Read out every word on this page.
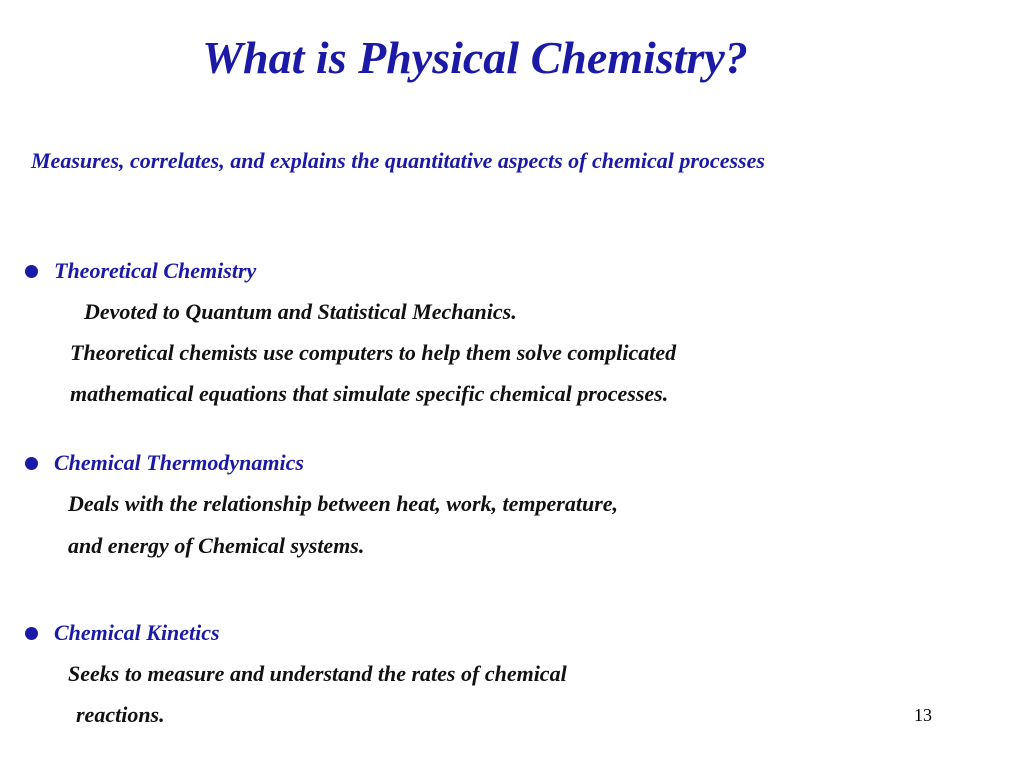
What is Physical Chemistry?

Measures, correlates, and explains the quantitative aspects of chemical processes

Theoretical Chemistry

Devoted to Quantum and Statistical Mechanics.

Theoretical chemists use computers to help them solve complicated

mathematical equations that simulate specific chemical processes.

Chemical Thermodynamics

Deals with the relationship between heat, work, temperature,

and energy of Chemical systems.

Chemical Kinetics

Seeks to measure and understand the rates of chemical

reactions.	13
